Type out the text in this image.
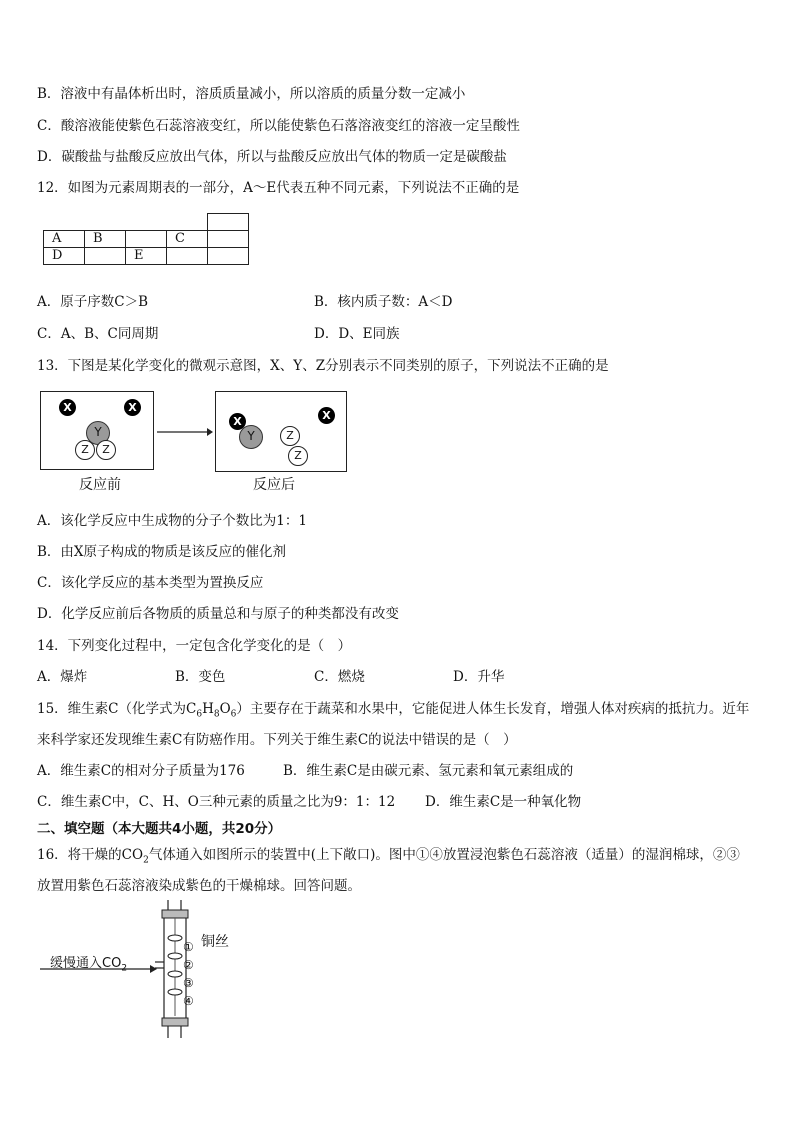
B．溶液中有晶体析出时，溶质质量减小，所以溶质的质量分数一定减小
C．酸溶液能使紫色石蕊溶液变红，所以能使紫色石落溶液变红的溶液一定呈酸性
D．碳酸盐与盐酸反应放出气体，所以与盐酸反应放出气体的物质一定是碳酸盐
12．如图为元素周期表的一部分，A～E代表五种不同元素，下列说法不正确的是

A	B		C	
D		E		
A．原子序数C＞B	B．核内质子数：A＜D
C．A、B、C同周期	D．D、E同族
13．下图是某化学变化的微观示意图，X、Y、Z分别表示不同类别的原子，下列说法不正确的是
X	X
Y
Z	Z
X
Y	Z
Z
X
反应前	反应后
A．该化学反应中生成物的分子个数比为1：1
B．由X原子构成的物质是该反应的催化剂
C．该化学反应的基本类型为置换反应
D．化学反应前后各物质的质量总和与原子的种类都没有改变
14．下列变化过程中，一定包含化学变化的是（　）
A．爆炸	B．变色	C．燃烧	D．升华
15．维生素C（化学式为$C_6H_8O_6$）主要存在于蔬菜和水果中，它能促进人体生长发育，增强人体对疾病的抵抗力。近年
来科学家还发现维生素C有防癌作用。下列关于维生素C的说法中错误的是（　）
A．维生素C的相对分子质量为176	B．维生素C是由碳元素、氢元素和氧元素组成的
C．维生素C中，C、H、O三种元素的质量之比为9：1：12 D．维生素C是一种氧化物
二、填空题（本大题共4小题，共20分）
16．将干燥的$CO_2$气体通入如图所示的装置中(上下敞口)。图中①④放置浸泡紫色石蕊溶液（适量）的湿润棉球，②③
放置用紫色石蕊溶液染成紫色的干燥棉球。回答问题。
缓慢通入$CO_2$
铜丝
①
②
③
④
